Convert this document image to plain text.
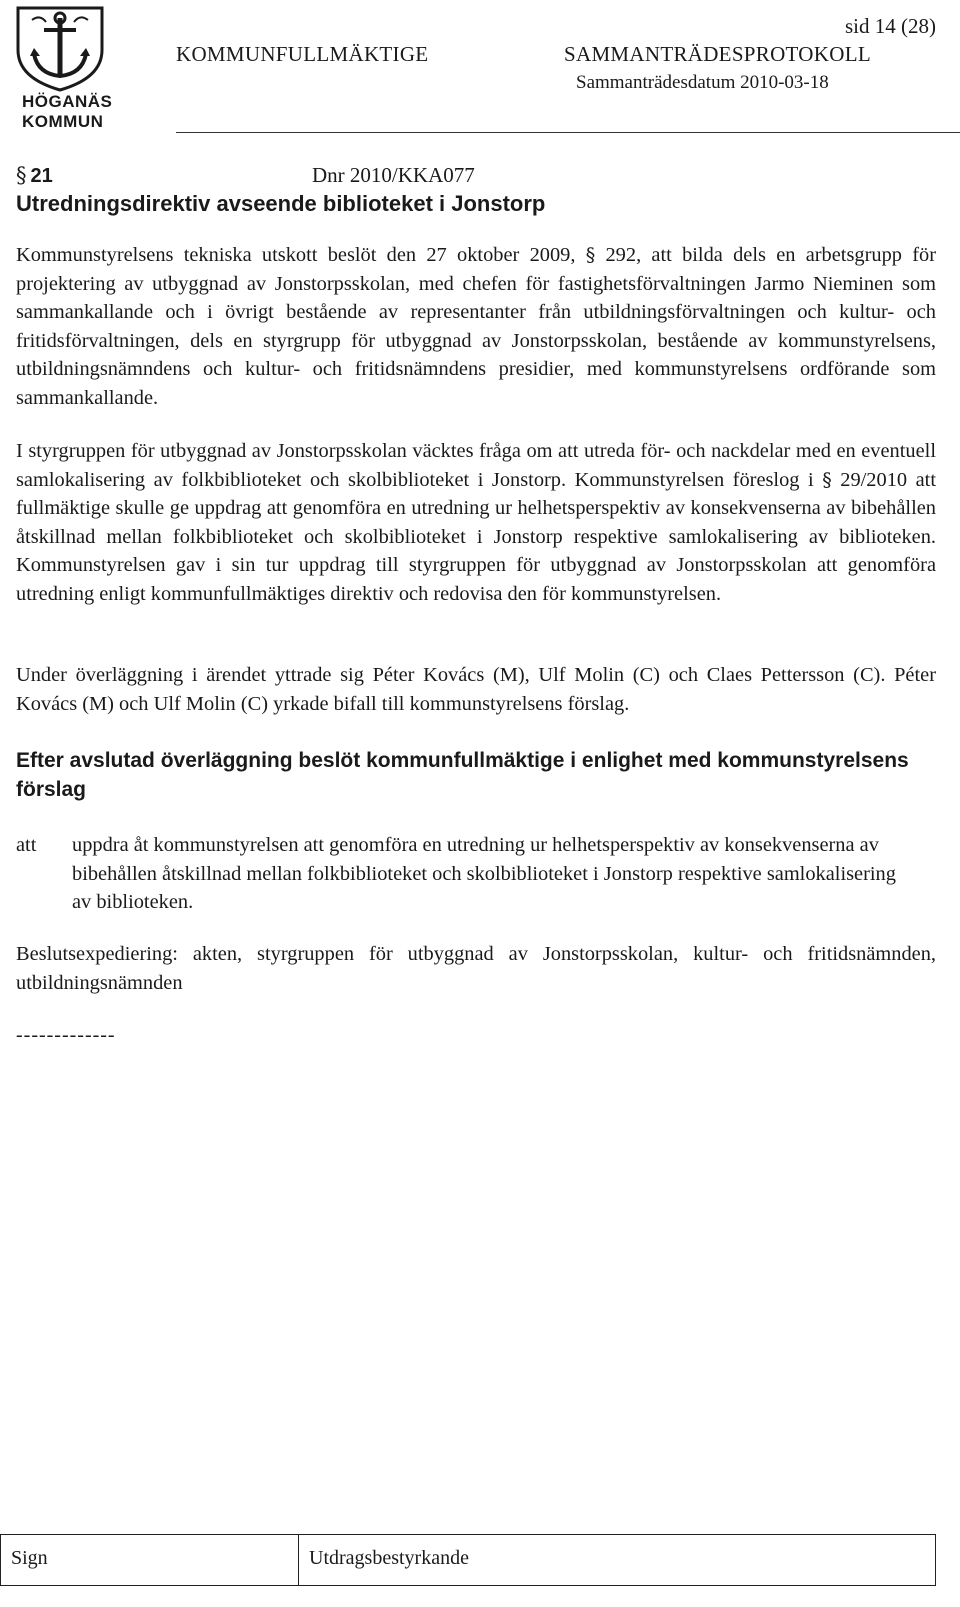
HÖGANÄS
KOMMUN
sid 14 (28)
KOMMUNFULLMÄKTIGE	SAMMANTRÄDESPROTOKOLL
Sammanträdesdatum 2010-03-18
§ 21	Dnr 2010/KKA077
Utredningsdirektiv avseende biblioteket i Jonstorp
Kommunstyrelsens tekniska utskott beslöt den 27 oktober 2009, § 292, att bilda dels en arbetsgrupp för projektering av utbyggnad av Jonstorpsskolan, med chefen för fastighetsförvaltningen Jarmo Nieminen som sammankallande och i övrigt bestående av representanter från utbildningsförvaltningen och kultur- och fritidsförvaltningen, dels en styrgrupp för utbyggnad av Jonstorpsskolan, bestående av kommunstyrelsens, utbildningsnämndens och kultur- och fritidsnämndens presidier, med kommunstyrelsens ordförande som sammankallande.
I styrgruppen för utbyggnad av Jonstorpsskolan väcktes fråga om att utreda för- och nackdelar med en eventuell samlokalisering av folkbiblioteket och skolbiblioteket i Jonstorp. Kommunstyrelsen föreslog i § 29/2010 att fullmäktige skulle ge uppdrag att genomföra en utredning ur helhetsperspektiv av konsekvenserna av bibehållen åtskillnad mellan folkbiblioteket och skolbiblioteket i Jonstorp respektive samlokalisering av biblioteken. Kommunstyrelsen gav i sin tur uppdrag till styrgruppen för utbyggnad av Jonstorpsskolan att genomföra utredning enligt kommunfullmäktiges direktiv och redovisa den för kommunstyrelsen.
Under överläggning i ärendet yttrade sig Péter Kovács (M), Ulf Molin (C) och Claes Pettersson (C). Péter Kovács (M) och Ulf Molin (C) yrkade bifall till kommunstyrelsens förslag.
Efter avslutad överläggning beslöt kommunfullmäktige i enlighet med kommunstyrelsens förslag
att uppdra åt kommunstyrelsen att genomföra en utredning ur helhetsperspektiv av konsekvenserna av bibehållen åtskillnad mellan folkbiblioteket och skolbiblioteket i Jonstorp respektive samlokalisering av biblioteken.
Beslutsexpediering: akten, styrgruppen för utbyggnad av Jonstorpsskolan, kultur- och fritidsnämnden, utbildningsnämnden
-------------
Sign	Utdragsbestyrkande
